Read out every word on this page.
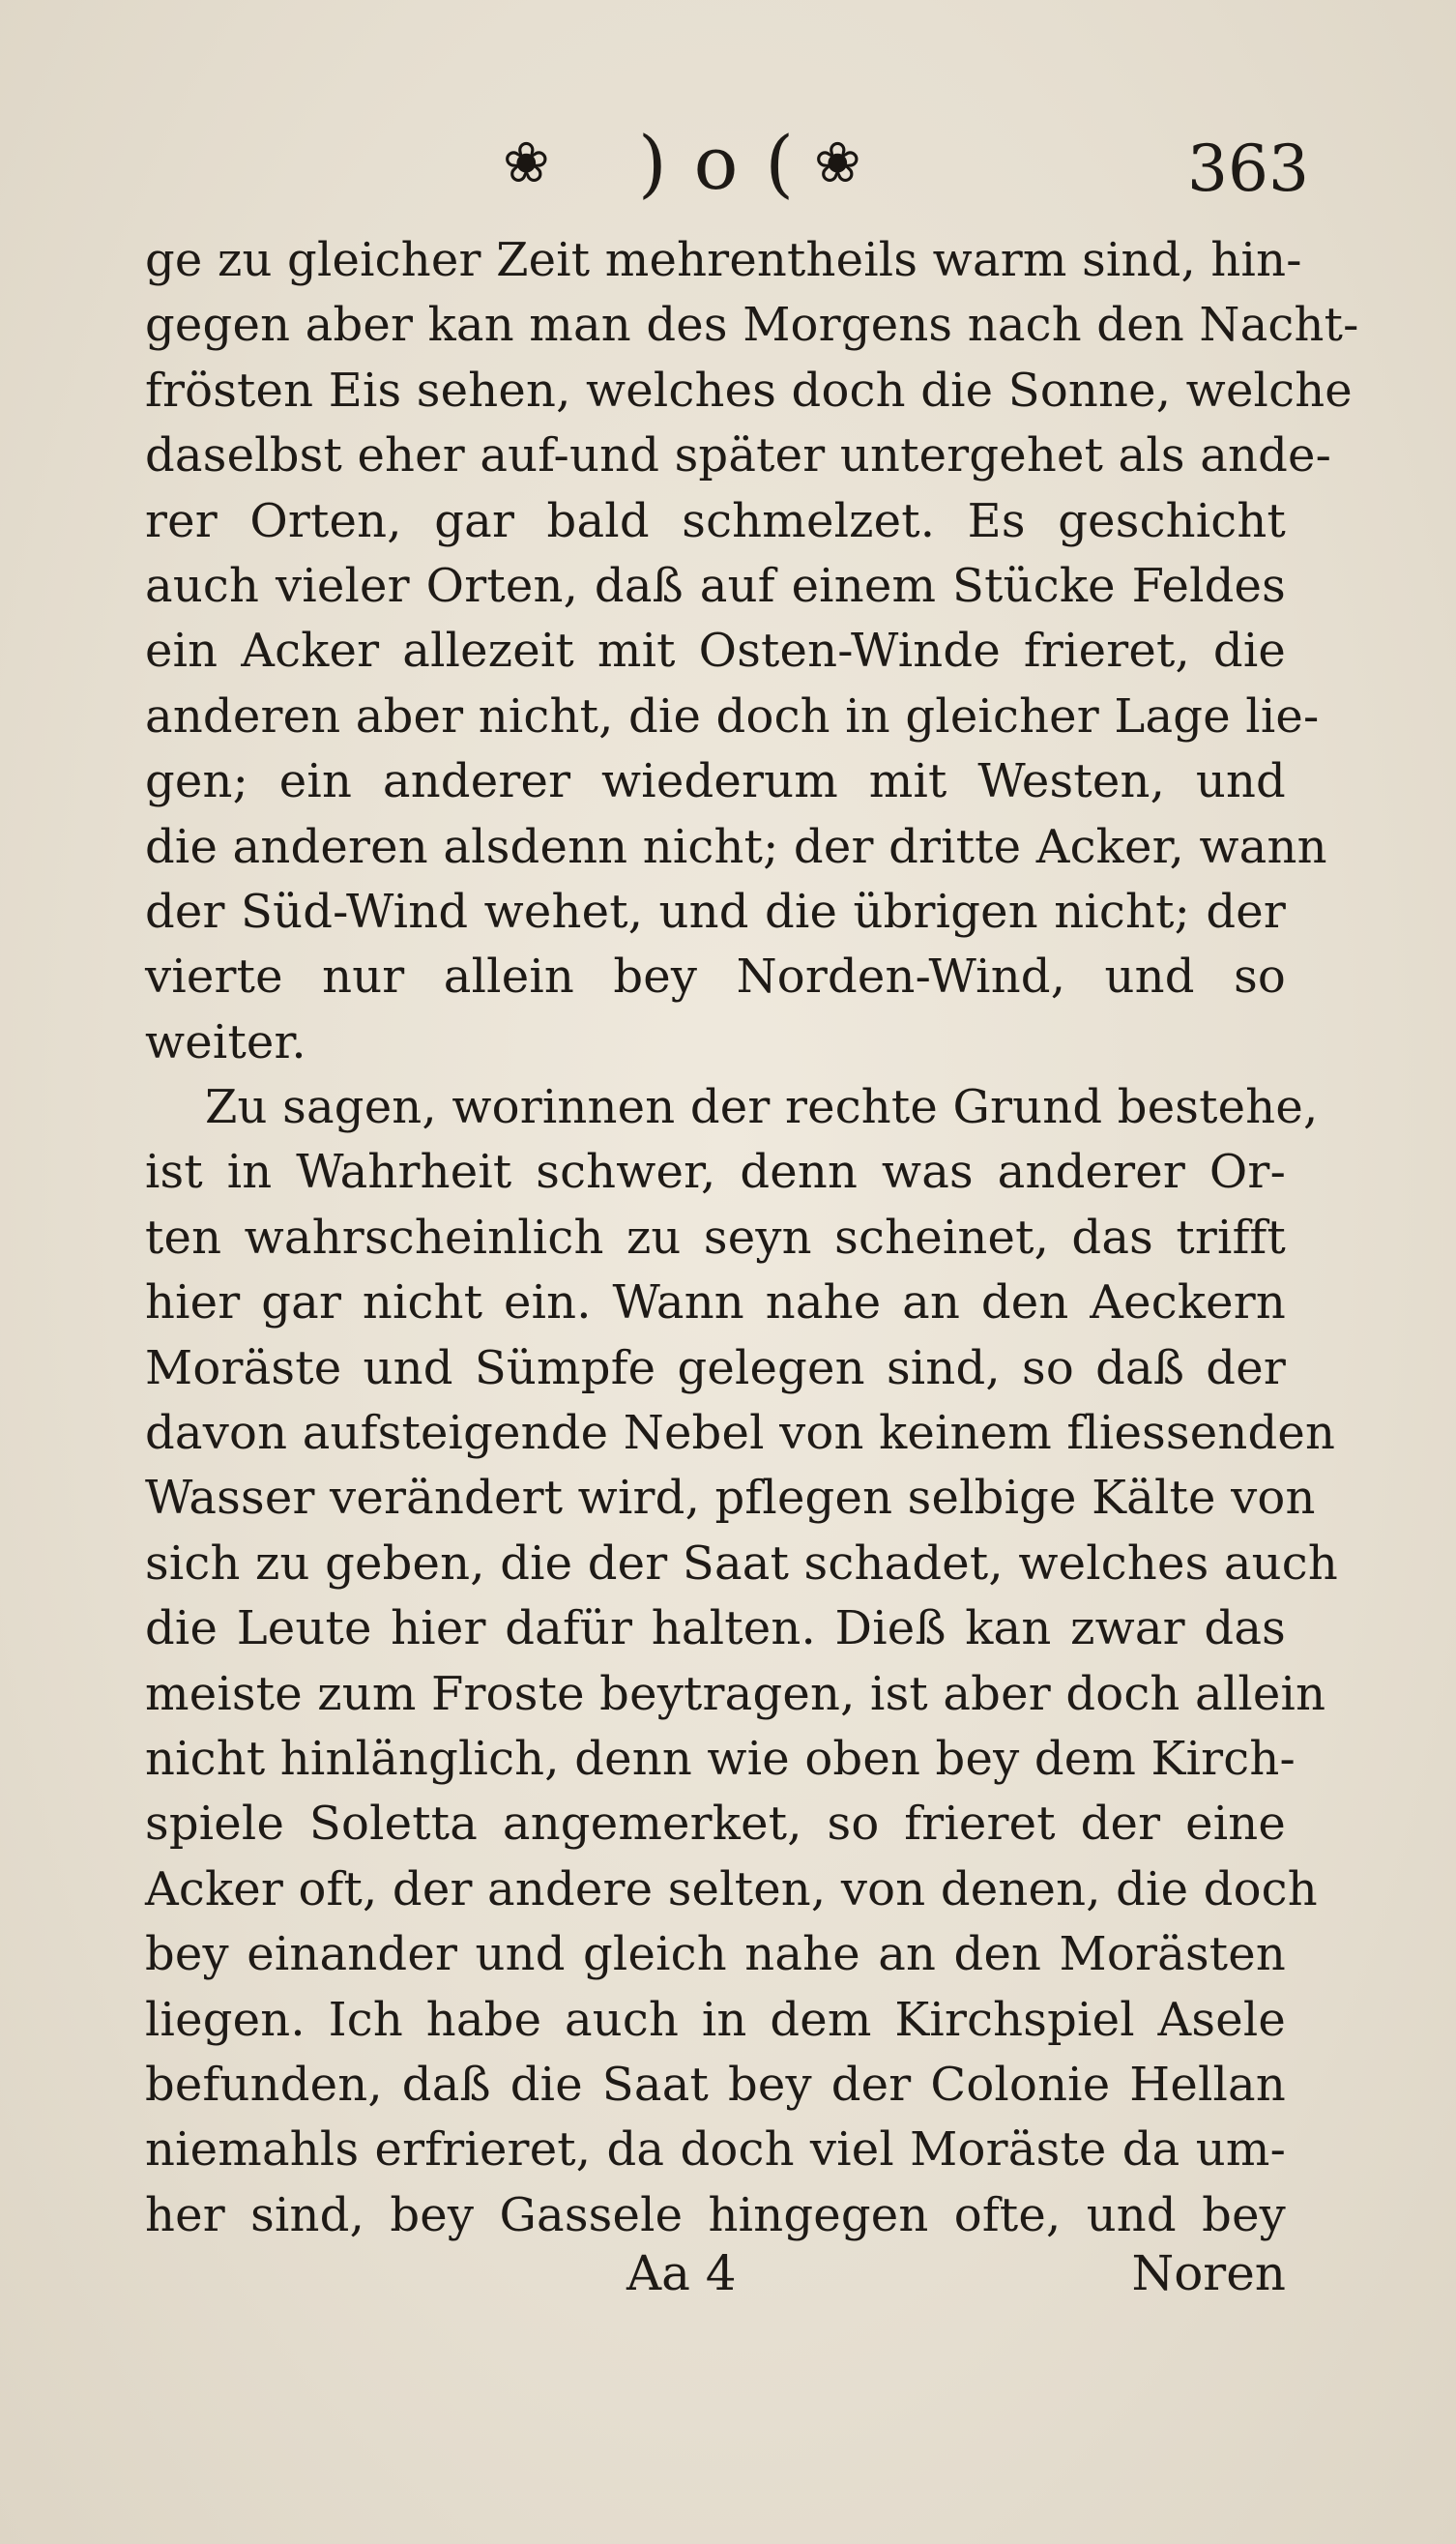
❀ )o(
❀	363
ge zu gleicher Zeit mehrentheils warm sind, hin-
gegen aber kan man des Morgens nach den Nacht-
frösten Eis sehen, welches doch die Sonne, welche
daselbst eher auf-und später untergehet als ande-
rer Orten, gar bald schmelzet. Es geschicht
auch vieler Orten, daß auf einem Stücke Feldes
ein Acker allezeit mit Osten-Winde frieret, die
anderen aber nicht, die doch in gleicher Lage lie-
gen; ein anderer wiederum mit Westen, und
die anderen alsdenn nicht; der dritte Acker, wann
der Süd-Wind wehet, und die übrigen nicht; der
vierte nur allein bey Norden-Wind, und so
weiter.
Zu sagen, worinnen der rechte Grund bestehe,
ist in Wahrheit schwer, denn was anderer Or-
ten wahrscheinlich zu seyn scheinet, das trifft
hier gar nicht ein. Wann nahe an den Aeckern
Moräste und Sümpfe gelegen sind, so daß der
davon aufsteigende Nebel von keinem fliessenden
Wasser verändert wird, pflegen selbige Kälte von
sich zu geben, die der Saat schadet, welches auch
die Leute hier dafür halten. Dieß kan zwar das
meiste zum Froste beytragen, ist aber doch allein
nicht hinlänglich, denn wie oben bey dem Kirch-
spiele Soletta angemerket, so frieret der eine
Acker oft, der andere selten, von denen, die doch
bey einander und gleich nahe an den Morästen
liegen. Ich habe auch in dem Kirchspiel Asele
befunden, daß die Saat bey der Colonie Hellan
niemahls erfrieret, da doch viel Moräste da um-
her sind, bey Gassele hingegen ofte, und bey
Aa 4	Noren
